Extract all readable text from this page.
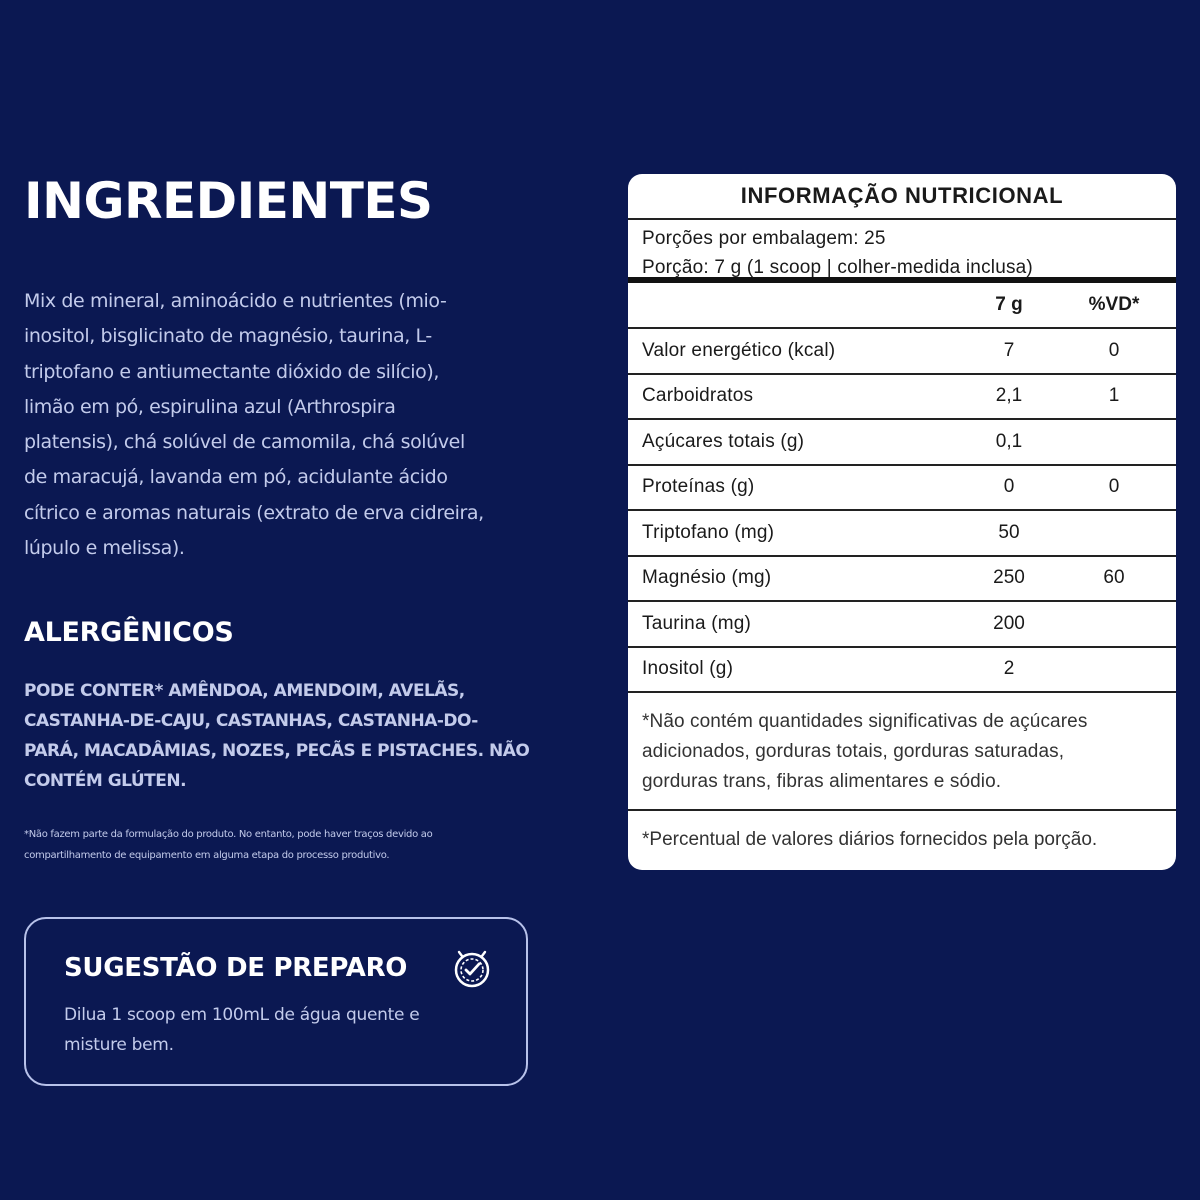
INGREDIENTES

Mix de mineral, aminoácido e nutrientes (mio-
inositol, bisglicinato de magnésio, taurina, L-
triptofano e antiumectante dióxido de silício),
limão em pó, espirulina azul (Arthrospira
platensis), chá solúvel de camomila, chá solúvel
de maracujá, lavanda em pó, acidulante ácido
cítrico e aromas naturais (extrato de erva cidreira,
lúpulo e melissa).

ALERGÊNICOS

PODE CONTER* AMÊNDOA, AMENDOIM, AVELÃS,
CASTANHA-DE-CAJU, CASTANHAS, CASTANHA-DO-
PARÁ, MACADÂMIAS, NOZES, PECÃS E PISTACHES. NÃO
CONTÉM GLÚTEN.

*Não fazem parte da formulação do produto. No entanto, pode haver traços devido ao
compartilhamento de equipamento em alguma etapa do processo produtivo.

SUGESTÃO DE PREPARO

Dilua 1 scoop em 100mL de água quente e
misture bem.

INFORMAÇÃO NUTRICIONAL
Porções por embalagem: 25
Porção: 7 g (1 scoop | colher-medida inclusa)
7 g	%VD*
Valor energético (kcal)	7	0
Carboidratos	2,1	1
Açúcares totais (g)	0,1
Proteínas (g)	0	0
Triptofano (mg)	50
Magnésio (mg)	250	60
Taurina (mg)	200
Inositol (g)	2
*Não contém quantidades significativas de açúcares
adicionados, gorduras totais, gorduras saturadas,
gorduras trans, fibras alimentares e sódio.
*Percentual de valores diários fornecidos pela porção.
